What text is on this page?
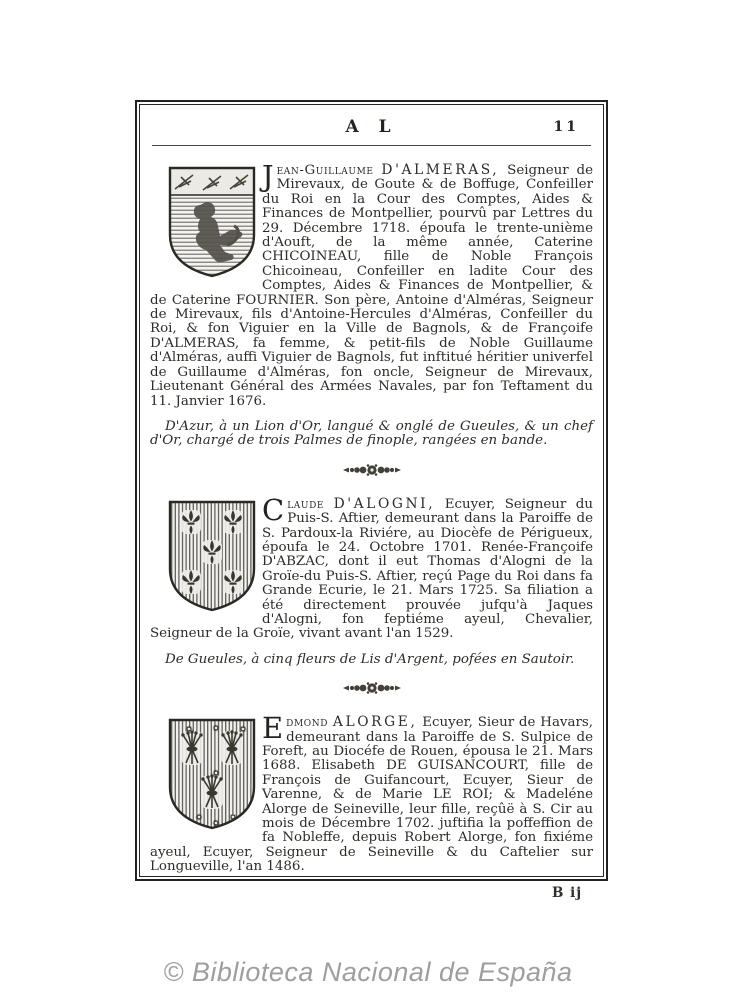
A L	11

Jean-Guillaume D'ALMERAS, Seigneur de Mirevaux, de Goute & de Boffuge, Confeiller du Roi en la Cour des Comptes, Aides & Finances de Montpellier, pourvû par Lettres du 29. Décembre 1718. époufa le trente-unième d'Aouft, de la même année, Caterine CHICOINEAU, fille de Noble François Chicoineau, Confeiller en ladite Cour des Comptes, Aides & Finances de Montpellier, & de Caterine FOURNIER. Son père, Antoine d'Alméras, Seigneur de Mirevaux, fils d'Antoine-Hercules d'Alméras, Confeiller du Roi, & fon Viguier en la Ville de Bagnols, & de Françoife D'ALMERAS, fa femme, & petit-fils de Noble Guillaume d'Alméras, auffi Viguier de Bagnols, fut inftitué héritier univerfel de Guillaume d'Alméras, fon oncle, Seigneur de Mirevaux, Lieutenant Général des Armées Navales, par fon Teftament du 11. Janvier 1676.

D'Azur, à un Lion d'Or, langué & onglé de Gueules, & un chef d'Or, chargé de trois Palmes de finople, rangées en bande.

Claude D'ALOGNI, Ecuyer, Seigneur du Puis-S. Aftier, demeurant dans la Paroiffe de S. Pardoux-la Riviére, au Diocèfe de Périgueux, époufa le 24. Octobre 1701. Renée-Françoife D'ABZAC, dont il eut Thomas d'Alogni de la Groïe-du Puis-S. Aftier, reçú Page du Roi dans fa Grande Ecurie, le 21. Mars 1725. Sa filiation a été directement prouvée jufqu'à Jaques d'Alogni, fon feptiéme ayeul, Chevalier, Seigneur de la Groïe, vivant avant l'an 1529.

De Gueules, à cinq fleurs de Lis d'Argent, pofées en Sautoir.

Edmond ALORGE, Ecuyer, Sieur de Havars, demeurant dans la Paroiffe de S. Sulpice de Foreft, au Diocéfe de Rouen, épousa le 21. Mars 1688. Elisabeth DE GUISANCOURT, fille de François de Guifancourt, Ecuyer, Sieur de Varenne, & de Marie LE ROI; & Madeléne Alorge de Seineville, leur fille, reçûë à S. Cir au mois de Décembre 1702. juftifia la poffeffion de fa Nobleffe, depuis Robert Alorge, fon fixiéme ayeul, Ecuyer, Seigneur de Seineville & du Caftelier sur Longueville, l'an 1486.

B ij
© Biblioteca Nacional de España
